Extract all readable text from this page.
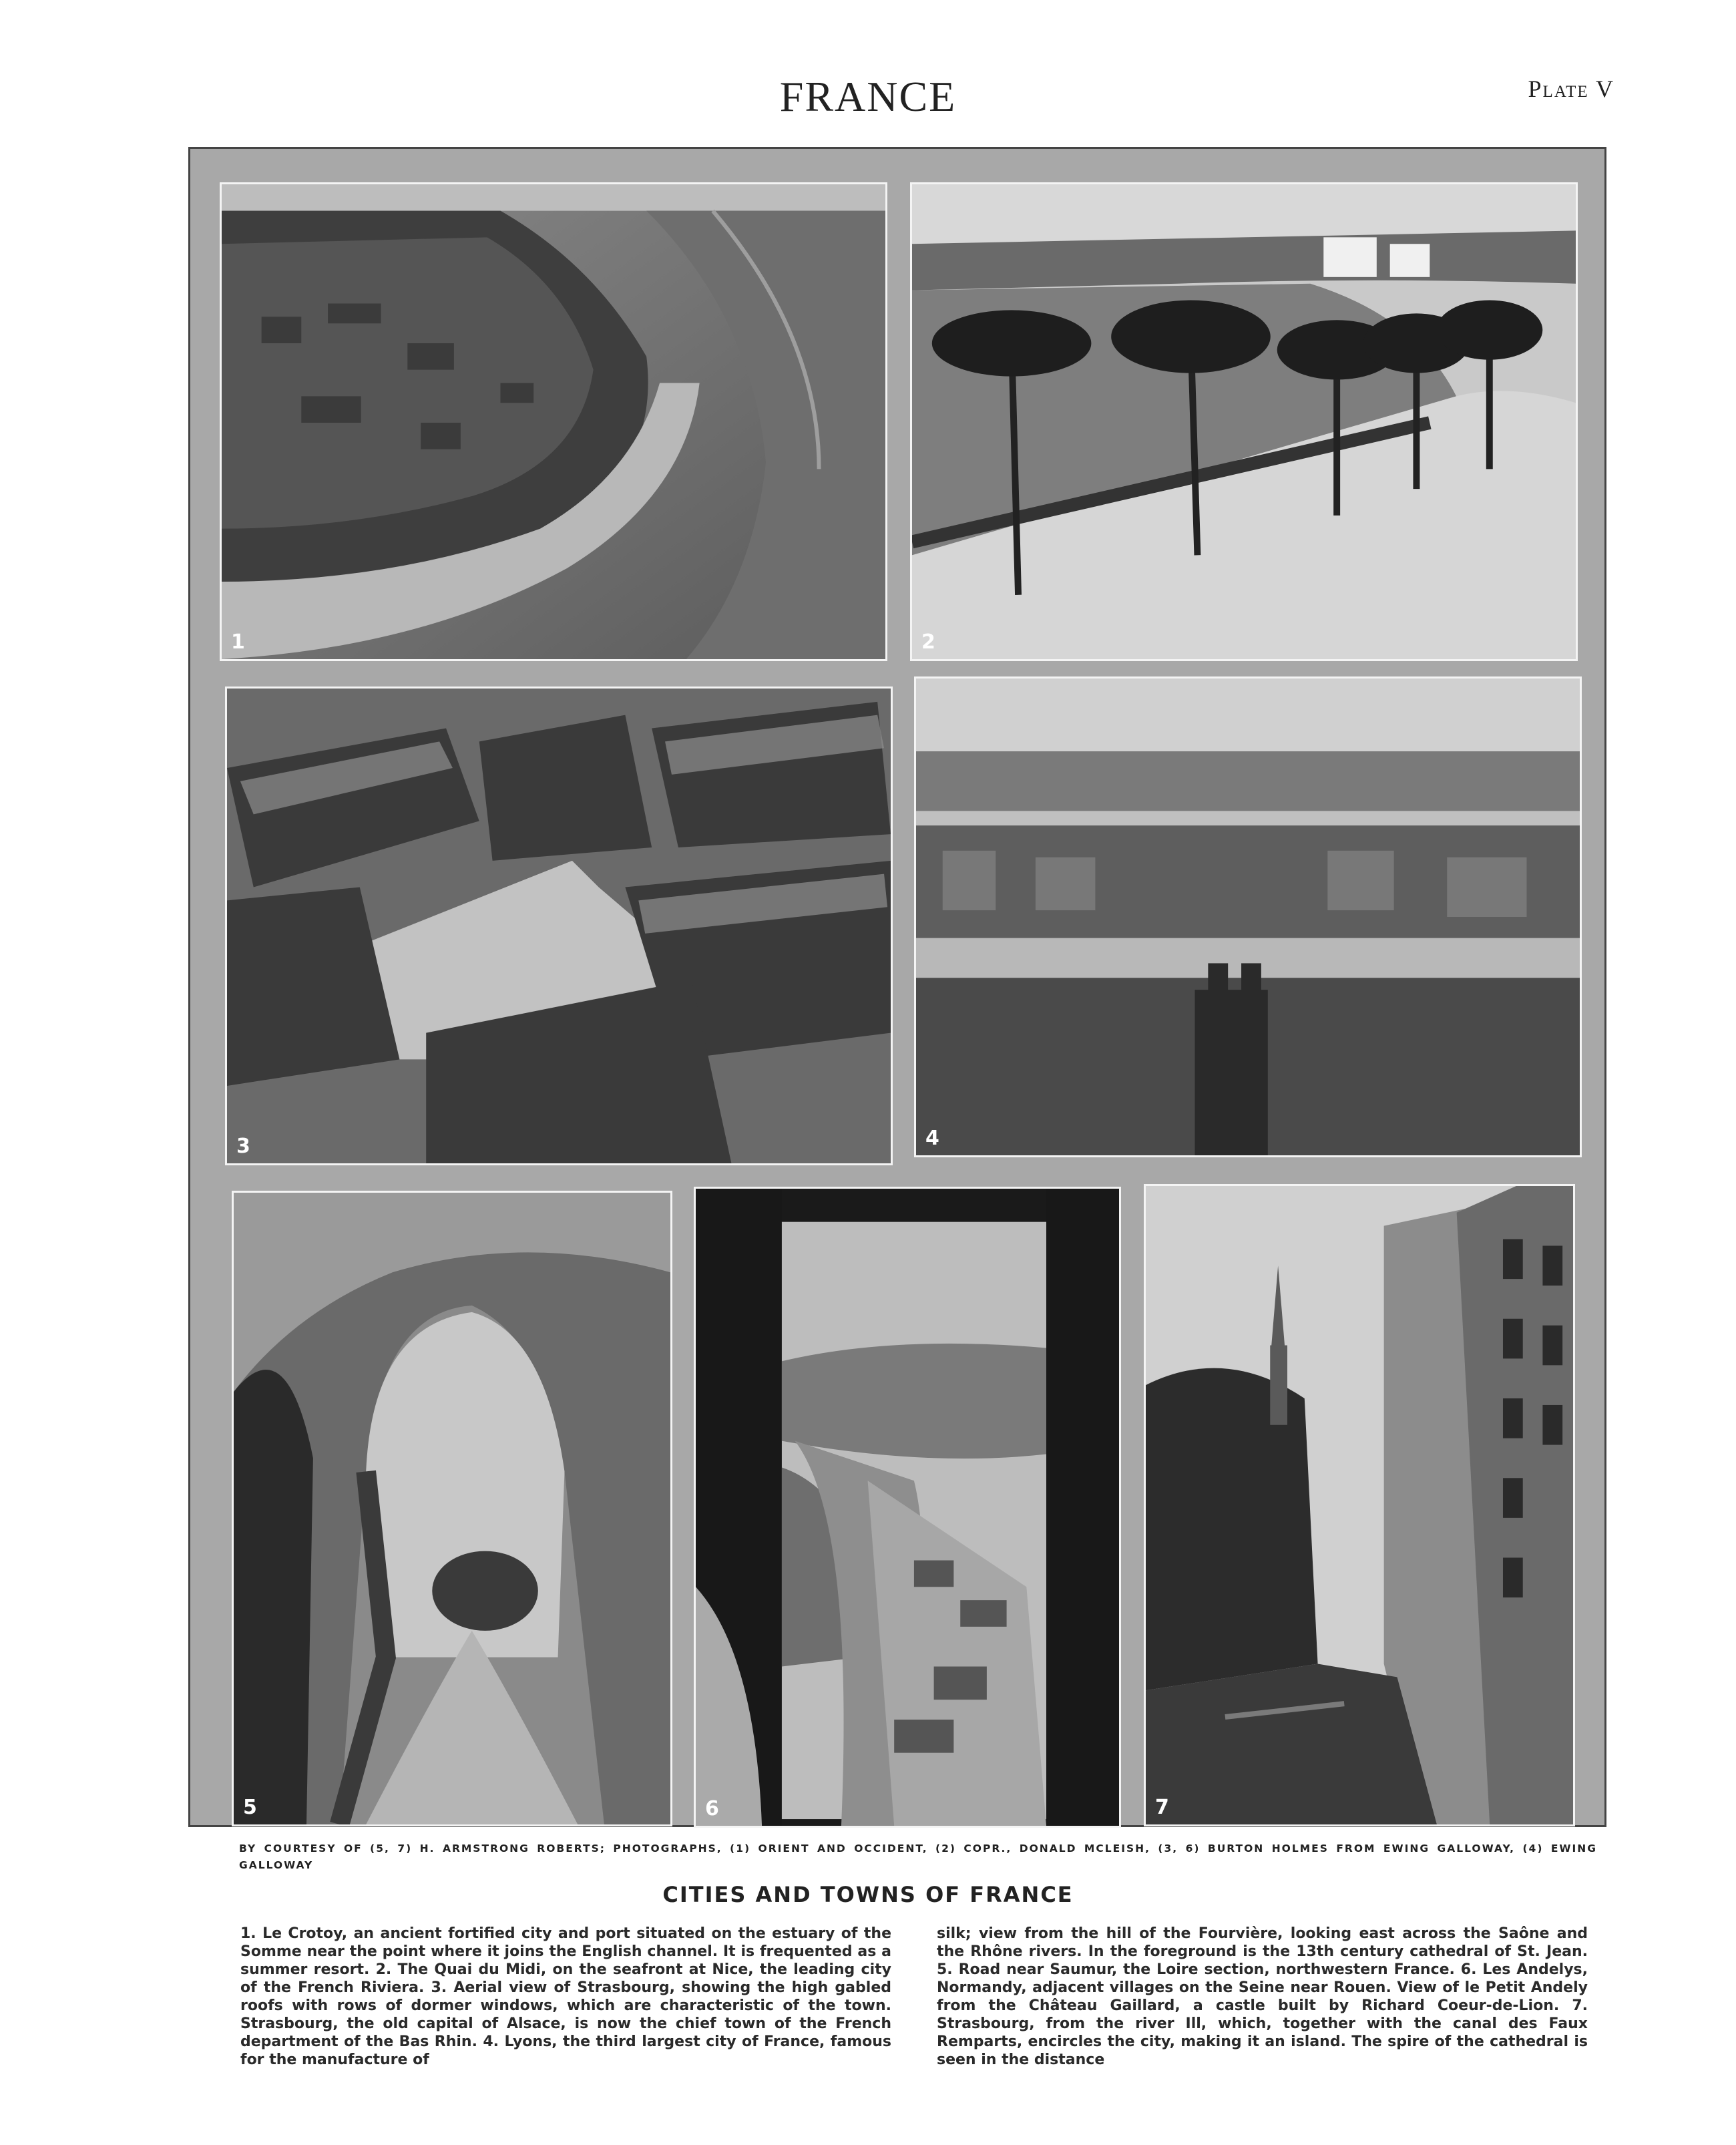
FRANCE	Plate V
1	2
3	4
5	6	7
BY COURTESY OF (5, 7) H. ARMSTRONG ROBERTS; PHOTOGRAPHS, (1) ORIENT AND OCCIDENT, (2) COPR., DONALD MCLEISH, (3, 6) BURTON HOLMES FROM EWING GALLOWAY, (4) EWING GALLOWAY
CITIES AND TOWNS OF FRANCE
1. Le Crotoy, an ancient fortified city and port situated on the estuary of the Somme near the point where it joins the English channel. It is frequented as a summer resort. 2. The Quai du Midi, on the seafront at Nice, the leading city of the French Riviera. 3. Aerial view of Strasbourg, showing the high gabled roofs with rows of dormer windows, which are characteristic of the town. Strasbourg, the old capital of Alsace, is now the chief town of the French department of the Bas Rhin. 4. Lyons, the third largest city of France, famous for the manufacture of
silk; view from the hill of the Fourvière, looking east across the Saône and the Rhône rivers. In the foreground is the 13th century cathedral of St. Jean. 5. Road near Saumur, the Loire section, northwestern France. 6. Les Andelys, Normandy, adjacent villages on the Seine near Rouen. View of le Petit Andely from the Château Gaillard, a castle built by Richard Coeur-de-Lion. 7. Strasbourg, from the river Ill, which, together with the canal des Faux Remparts, encircles the city, making it an island. The spire of the cathedral is seen in the distance
